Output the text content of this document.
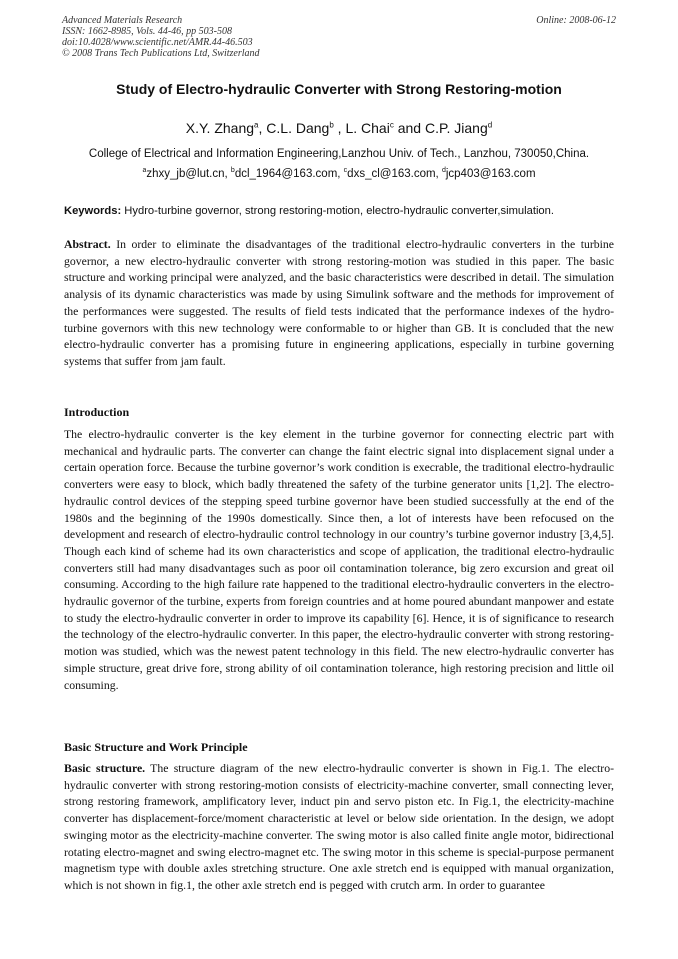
Advanced Materials Research
ISSN: 1662-8985, Vols. 44-46, pp 503-508
doi:10.4028/www.scientific.net/AMR.44-46.503
© 2008 Trans Tech Publications Ltd, Switzerland
Online: 2008-06-12
Study of Electro-hydraulic Converter with Strong Restoring-motion
X.Y. Zhang$^a$, C.L. Dang$^b$ , L. Chai$^c$ and C.P. Jiang$^d$
College of Electrical and Information Engineering,Lanzhou Univ. of Tech., Lanzhou, 730050,China.
$^a$zhxy_jb@lut.cn, $^b$dcl_1964@163.com, $^c$dxs_cl@163.com, $^d$jcp403@163.com
Keywords: Hydro-turbine governor, strong restoring-motion, electro-hydraulic converter,simulation.
Abstract. In order to eliminate the disadvantages of the traditional electro-hydraulic converters in the turbine governor, a new electro-hydraulic converter with strong restoring-motion was studied in this paper. The basic structure and working principal were analyzed, and the basic characteristics were described in detail. The simulation analysis of its dynamic characteristics was made by using Simulink software and the methods for improvement of the performances were suggested. The results of field tests indicated that the performance indexes of the hydro-turbine governors with this new technology were conformable to or higher than GB. It is concluded that the new electro-hydraulic converter has a promising future in engineering applications, especially in turbine governing systems that suffer from jam fault.
Introduction
The electro-hydraulic converter is the key element in the turbine governor for connecting electric part with mechanical and hydraulic parts. The converter can change the faint electric signal into displacement signal under a certain operation force. Because the turbine governor’s work condition is execrable, the traditional electro-hydraulic converters were easy to block, which badly threatened the safety of the turbine generator units [1,2]. The electro-hydraulic control devices of the stepping speed turbine governor have been studied successfully at the end of the 1980s and the beginning of the 1990s domestically. Since then, a lot of interests have been refocused on the development and research of electro-hydraulic control technology in our country’s turbine governor industry [3,4,5]. Though each kind of scheme had its own characteristics and scope of application, the traditional electro-hydraulic converters still had many disadvantages such as poor oil contamination tolerance, big zero excursion and great oil consuming. According to the high failure rate happened to the traditional electro-hydraulic converters in the electro-hydraulic governor of the turbine, experts from foreign countries and at home poured abundant manpower and estate to study the electro-hydraulic converter in order to improve its capability [6]. Hence, it is of significance to research the technology of the electro-hydraulic converter. In this paper, the electro-hydraulic converter with strong restoring-motion was studied, which was the newest patent technology in this field. The new electro-hydraulic converter has simple structure, great drive fore, strong ability of oil contamination tolerance, high restoring precision and little oil consuming.
Basic Structure and Work Principle
Basic structure. The structure diagram of the new electro-hydraulic converter is shown in Fig.1. The electro-hydraulic converter with strong restoring-motion consists of electricity-machine converter, small connecting lever, strong restoring framework, amplificatory lever, induct pin and servo piston etc. In Fig.1, the electricity-machine converter has displacement-force/moment characteristic at level or below side orientation. In the design, we adopt swinging motor as the electricity-machine converter. The swing motor is also called finite angle motor, bidirectional rotating electro-magnet and swing electro-magnet etc. The swing motor in this scheme is special-purpose permanent magnetism type with double axles stretching structure. One axle stretch end is equipped with manual organization, which is not shown in fig.1, the other axle stretch end is pegged with crutch arm. In order to guarantee
